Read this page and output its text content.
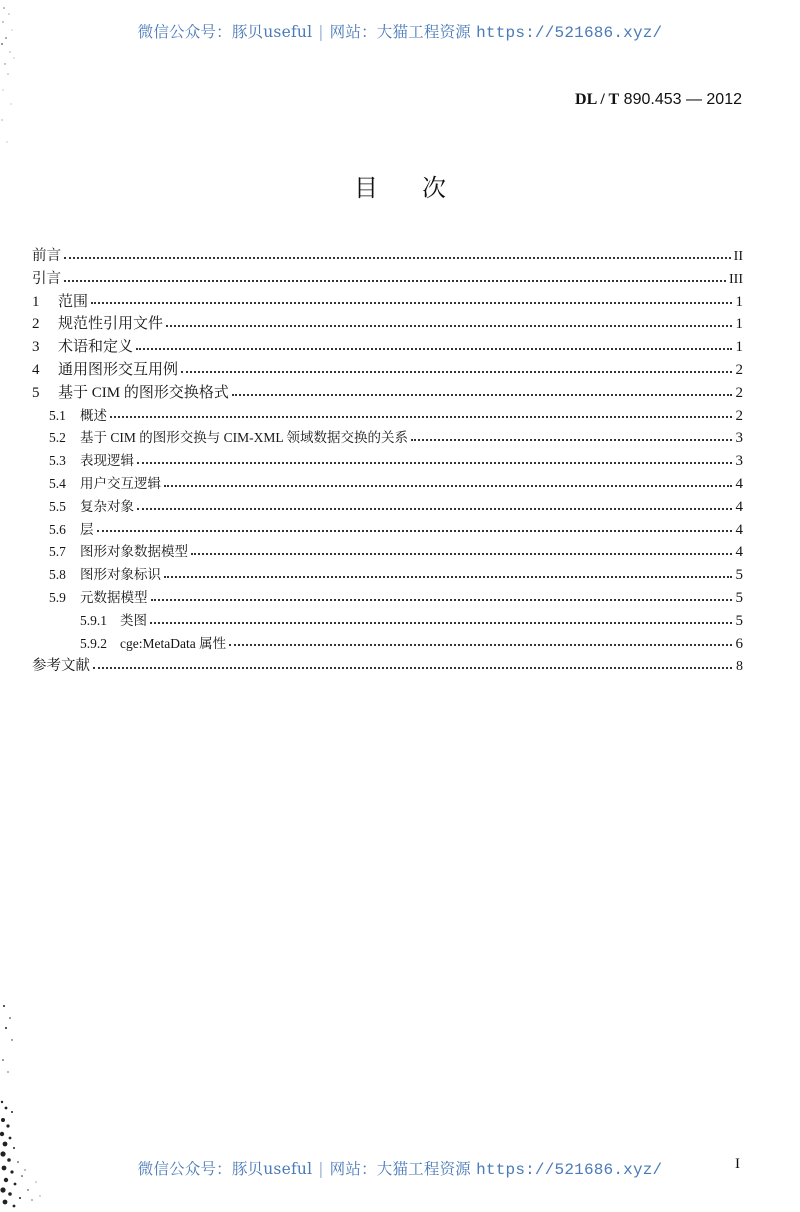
微信公众号：豚贝useful | 网站：大猫工程资源 https://521686.xyz/
DL / T 890.453 — 2012
目次
前言	II
引言	III
1	范围	1
2	规范性引用文件	1
3	术语和定义	1
4	通用图形交互用例	2
5	基于 CIM 的图形交换格式	2
5.1	概述	2
5.2	基于 CIM 的图形交换与 CIM-XML 领域数据交换的关系	3
5.3	表现逻辑	3
5.4	用户交互逻辑	4
5.5	复杂对象	4
5.6	层	4
5.7	图形对象数据模型	4
5.8	图形对象标识	5
5.9	元数据模型	5
5.9.1 类图	5
5.9.2 cge:MetaData 属性	6
参考文献	8
I
微信公众号：豚贝useful | 网站：大猫工程资源 https://521686.xyz/
